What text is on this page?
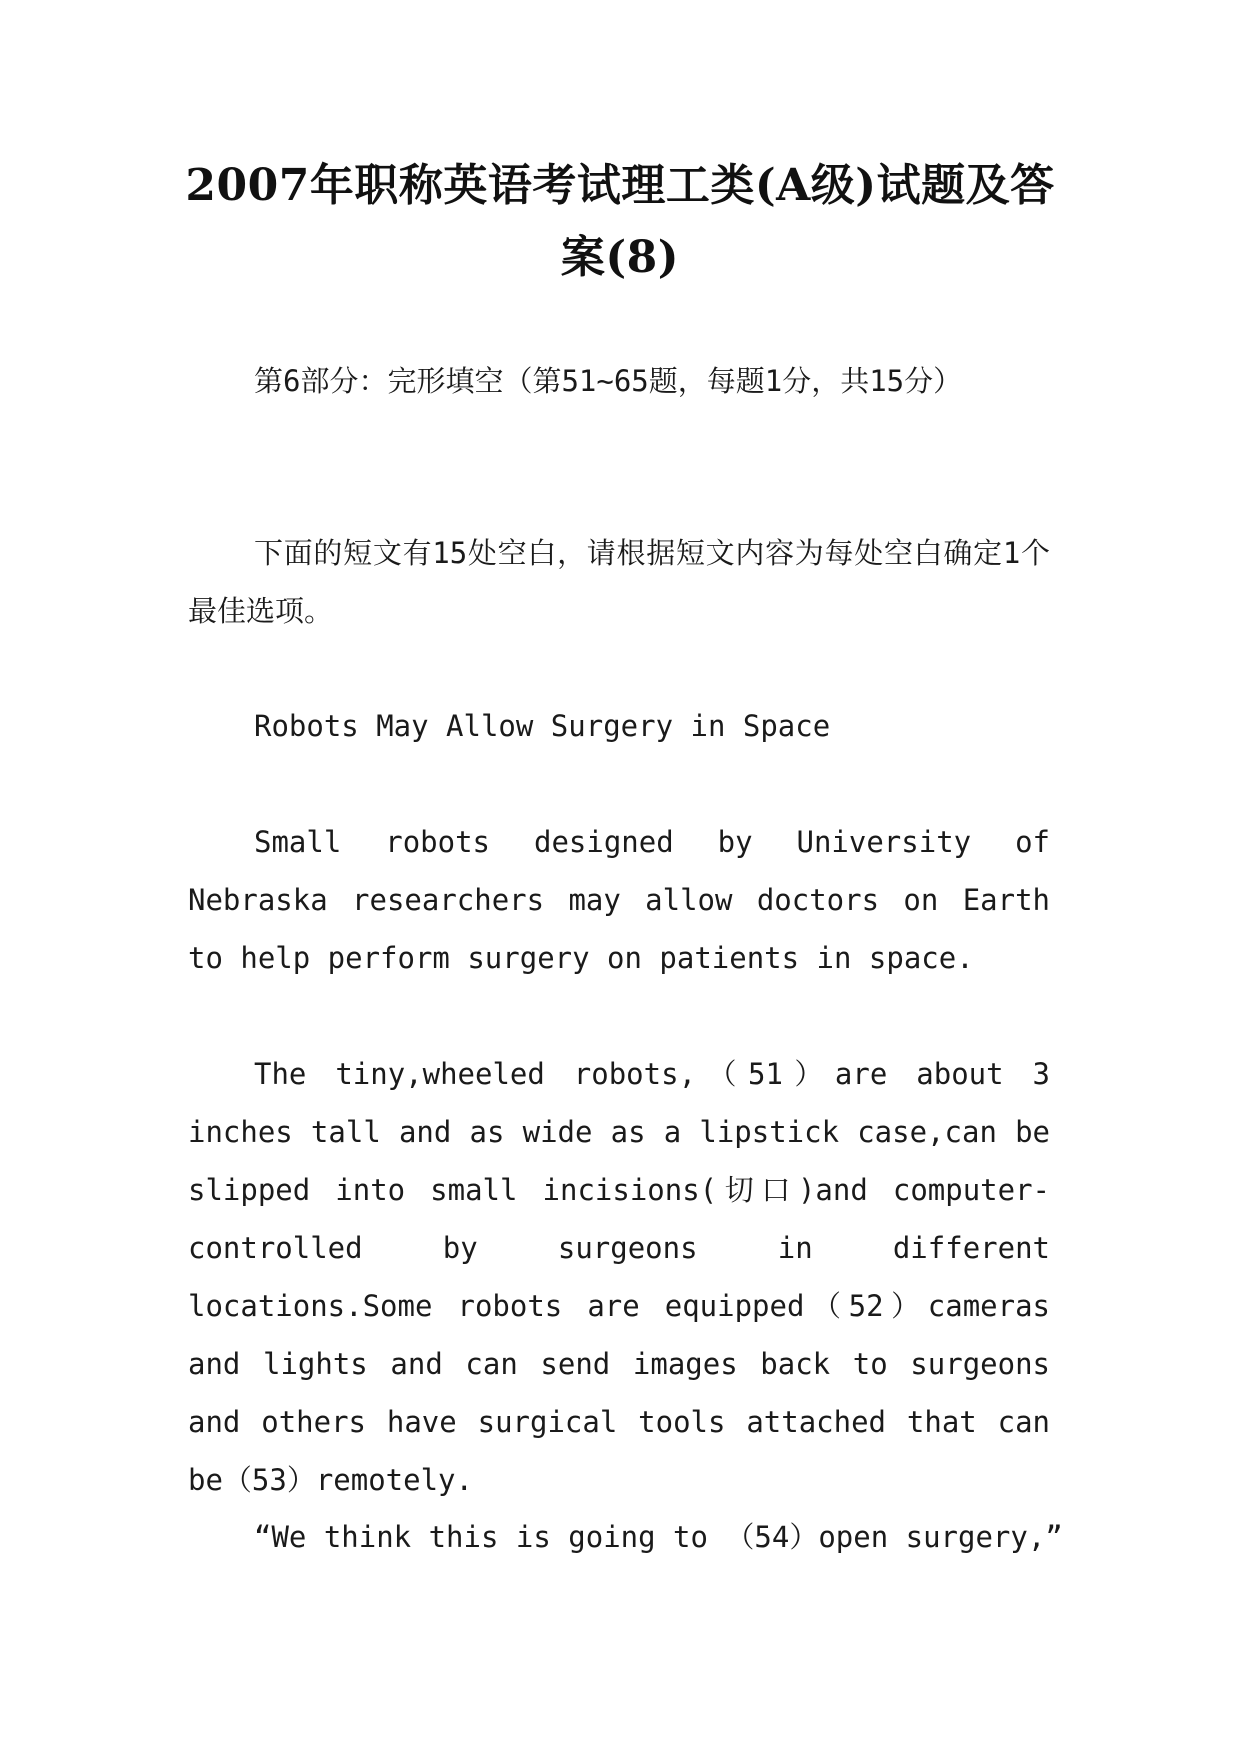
2007年职称英语考试理工类(A级)试题及答案(8)

第6部分：完形填空（第51~65题，每题1分，共15分）

下面的短文有15处空白，请根据短文内容为每处空白确定1个最佳选项。

Robots May Allow Surgery in Space

Small robots designed by University of Nebraska researchers may allow doctors on Earth to help perform surgery on patients in space.

The tiny,wheeled robots,（51）are about 3 inches tall and as wide as a lipstick case,can be slipped into small incisions(切口)and computer-controlled by surgeons in different locations.Some robots are equipped（52）cameras and lights and can send images back to surgeons and others have surgical tools attached that can be（53）remotely.

“We think this is going to （54）open surgery,”
